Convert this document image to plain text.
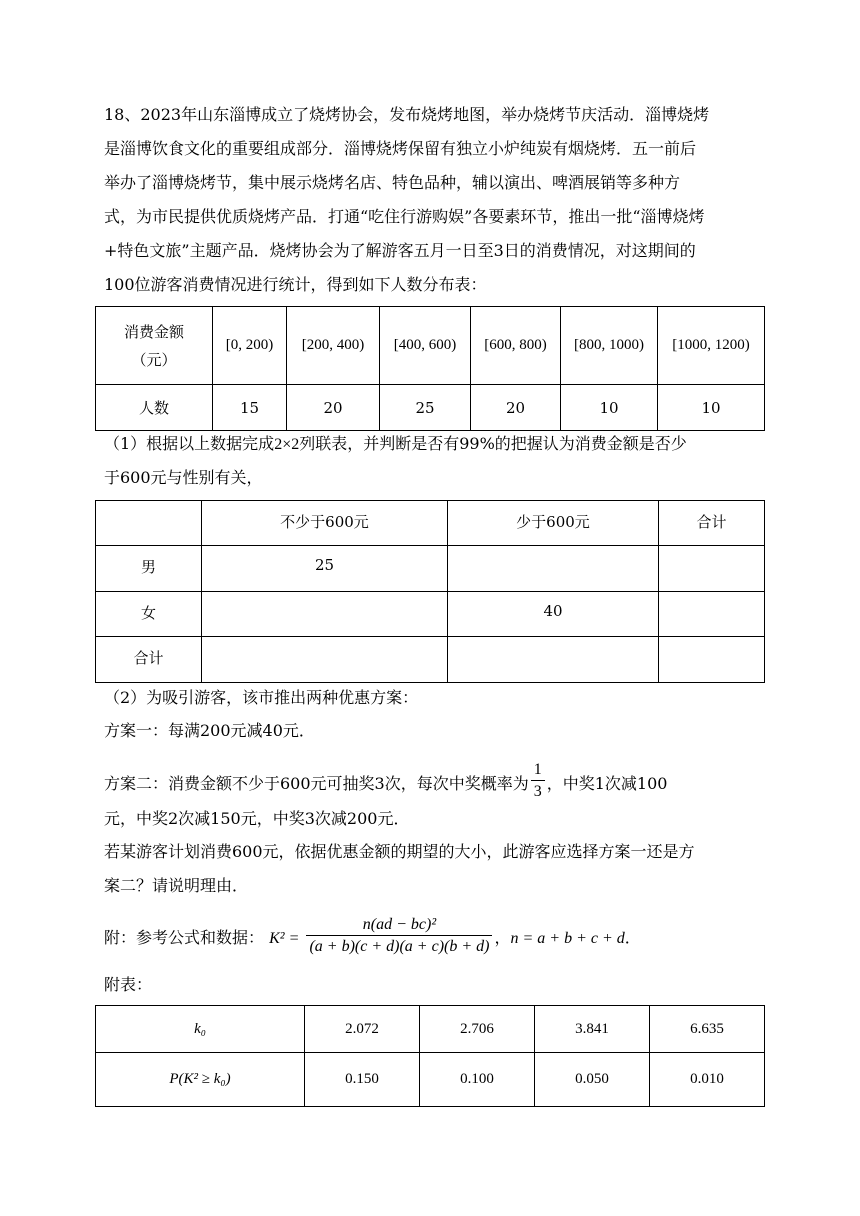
18、2023年山东淄博成立了烧烤协会，发布烧烤地图，举办烧烤节庆活动．淄博烧烤
是淄博饮食文化的重要组成部分．淄博烧烤保留有独立小炉纯炭有烟烧烤．五一前后
举办了淄博烧烤节，集中展示烧烤名店、特色品种，辅以演出、啤酒展销等多种方
式，为市民提供优质烧烤产品．打通“吃住行游购娱”各要素环节，推出一批“淄博烧烤
+特色文旅”主题产品．烧烤协会为了解游客五月一日至3日的消费情况，对这期间的
100位游客消费情况进行统计，得到如下人数分布表：
消费金额
（元）	[0, 200)	[200, 400)	[400, 600)	[600, 800)	[800, 1000)	[1000, 1200)
人数	15	20	25	20	10	10
（1）根据以上数据完成2×2列联表，并判断是否有99%的把握认为消费金额是否少
于600元与性别有关，
	不少于600元	少于600元	合计
男	25		
女		40	
合计			
（2）为吸引游客，该市推出两种优惠方案：
方案一：每满200元减40元．
方案二：消费金额不少于600元可抽奖3次，每次中奖概率为 $\frac{1}{3}$ ，中奖1次减100
元，中奖2次减150元，中奖3次减200元．
若某游客计划消费600元，依据优惠金额的期望的大小，此游客应选择方案一还是方
案二？请说明理由．
附：参考公式和数据： $K^2 = \frac{\text{n(ad − bc)²}}{(a + b)(c + d)(a + c)(b + d)}$ ，n = a + b + c + d．
附表：
k₀	2.072	2.706	3.841	6.635
P(K² ≥ k₀)	0.150	0.100	0.050	0.010
